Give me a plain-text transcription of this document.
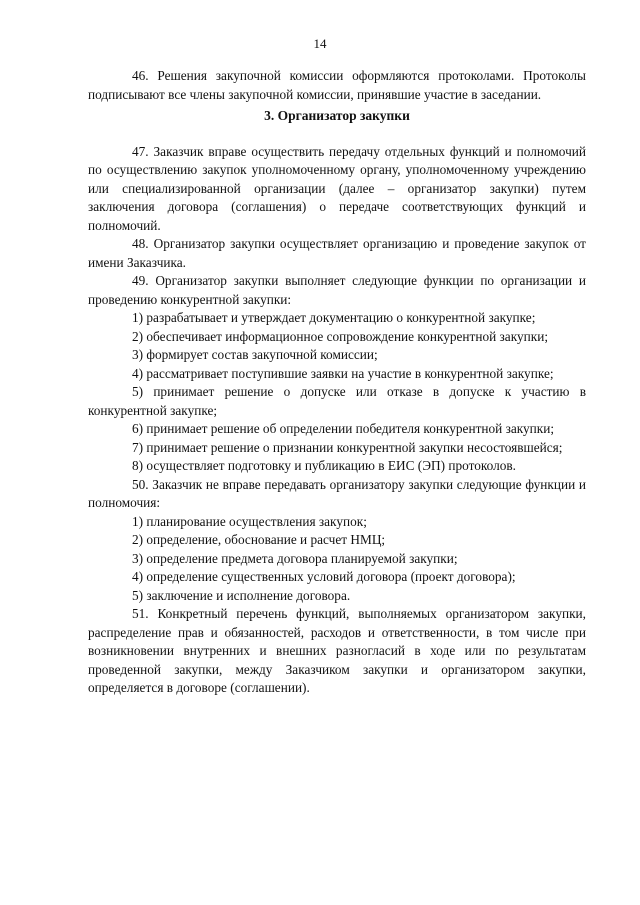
14

46. Решения закупочной комиссии оформляются протоколами. Протоколы подписывают все члены закупочной комиссии, принявшие участие в заседании.

3. Организатор закупки

47. Заказчик вправе осуществить передачу отдельных функций и полномочий по осуществлению закупок уполномоченному органу, уполномоченному учреждению или специализированной организации (далее – организатор закупки) путем заключения договора (соглашения) о передаче соответствующих функций и полномочий.

48. Организатор закупки осуществляет организацию и проведение закупок от имени Заказчика.

49. Организатор закупки выполняет следующие функции по организации и проведению конкурентной закупки:

1) разрабатывает и утверждает документацию о конкурентной закупке;

2) обеспечивает информационное сопровождение конкурентной закупки;

3) формирует состав закупочной комиссии;

4) рассматривает поступившие заявки на участие в конкурентной закупке;

5) принимает решение о допуске или отказе в допуске к участию в конкурентной закупке;

6) принимает решение об определении победителя конкурентной закупки;

7) принимает решение о признании конкурентной закупки несостоявшейся;

8) осуществляет подготовку и публикацию в ЕИС (ЭП) протоколов.

50. Заказчик не вправе передавать организатору закупки следующие функции и полномочия:

1) планирование осуществления закупок;

2) определение, обоснование и расчет НМЦ;

3) определение предмета договора планируемой закупки;

4) определение существенных условий договора (проект договора);

5) заключение и исполнение договора.

51. Конкретный перечень функций, выполняемых организатором закупки, распределение прав и обязанностей, расходов и ответственности, в том числе при возникновении внутренних и внешних разногласий в ходе или по результатам проведенной закупки, между Заказчиком закупки и организатором закупки, определяется в договоре (соглашении).
